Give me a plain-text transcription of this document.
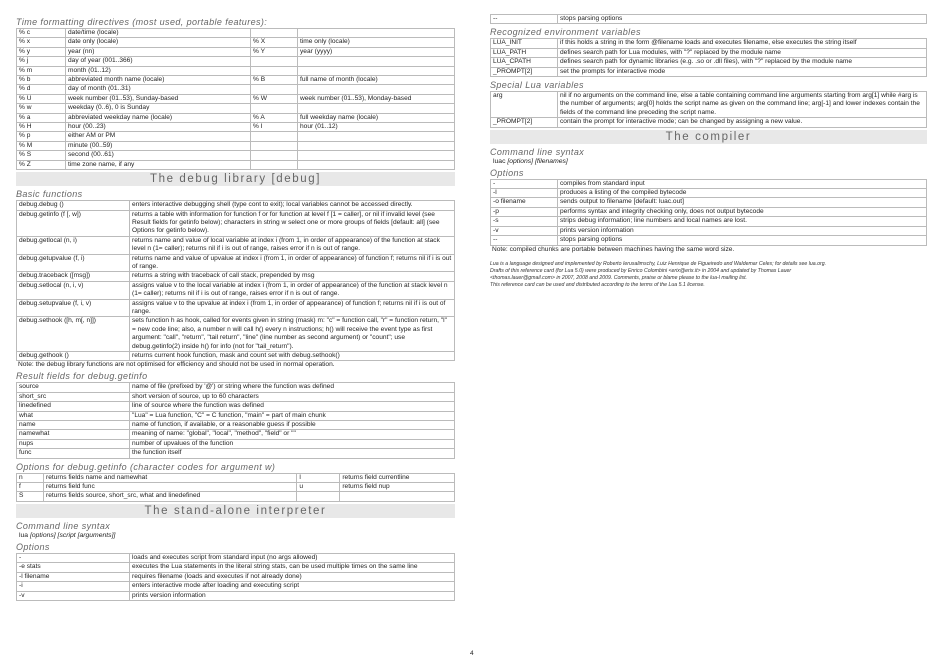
Time formatting directives (most used, portable features):
% c	date/time (locale)		
% x	date only (locale)	% X	time only (locale)
% y	year (nn)	% Y	year (yyyy)
% j	day of year (001..366)		
% m	month (01..12)		
% b	abbreviated month name (locale)	% B	full name of month (locale)
% d	day of month (01..31)		
% U	week number (01..53), Sunday-based	% W	week number (01..53), Monday-based
% w	weekday (0..6), 0 is Sunday		
% a	abbreviated weekday name (locale)	% A	full weekday name (locale)
% H	hour (00..23)	% I	hour (01..12)
% p	either AM or PM		
% M	minute (00..59)		
% S	second (00..61)		
% Z	time zone name, if any		
The debug library [debug]
Basic functions
debug.debug ()	enters interactive debugging shell (type cont to exit); local variables cannot be accessed directly.
debug.getinfo (f [, w])	returns a table with information for function f or for function at level f [1 = caller], or nil if invalid level (see Result fields for getinfo below); characters in string w select one or more groups of fields [default: all] (see Options for getinfo below).
debug.getlocal (n, i)	returns name and value of local variable at index i (from 1, in order of appearance) of the function at stack level n (1= caller); returns nil if i is out of range, raises error if n is out of range.
debug.getupvalue (f, i)	returns name and value of upvalue at index i (from 1, in order of appearance) of function f; returns nil if i is out of range.
debug.traceback ([msg])	returns a string with traceback of call stack, prepended by msg
debug.setlocal (n, i, v)	assigns value v to the local variable at index i (from 1, in order of appearance) of the function at stack level n (1= caller); returns nil if i is out of range, raises error if n is out of range.
debug.setupvalue (f, i, v)	assigns value v to the upvalue at index i (from 1, in order of appearance) of function f; returns nil if i is out of range.
debug.sethook ([h, m[, n]])	sets function h as hook, called for events given in string (mask) m: "c" = function call, "r" = function return, "l" = new code line; also, a number n will call h() every n instructions; h() will receive the event type as first argument: "call", "return", "tail return", "line" (line number as second argument) or "count"; use debug.getinfo(2) inside h() for info (not for "tail_return").
debug.gethook ()	returns current hook function, mask and count set with debug.sethook()
Note: the debug library functions are not optimised for efficiency and should not be used in normal operation.
Result fields for debug.getinfo
source	name of file (prefixed by '@') or string where the function was defined
short_src	short version of source, up to 60 characters
linedefined	line of source where the function was defined
what	"Lua" = Lua function, "C" = C function, "main" = part of main chunk
name	name of function, if available, or a reasonable guess if possible
namewhat	meaning of name: "global", "local", "method", "field" or ""
nups	number of upvalues of the function
func	the function itself
Options for debug.getinfo (character codes for argument w)
n	returns fields name and namewhat	l	returns field currentline
f	returns field func	u	returns field nup
S	returns fields source, short_src, what and linedefined		
The stand-alone interpreter
Command line syntax
lua [options] [script [arguments]]
Options
-	loads and executes script from standard input (no args allowed)
-e stats	executes the Lua statements in the literal string stats, can be used multiple times on the same line
-l filename	requires filename (loads and executes if not already done)
-i	enters interactive mode after loading and executing script
-v	prints version information
--	stops parsing options
Recognized environment variables
LUA_INIT	if this holds a string in the form @filename loads and executes filename, else executes the string itself
LUA_PATH	defines search path for Lua modules, with "?" replaced by the module name
LUA_CPATH	defines search path for dynamic libraries (e.g. .so or .dll files), with "?" replaced by the module name
_PROMPT[2]	set the prompts for interactive mode
Special Lua variables
arg	nil if no arguments on the command line, else a table containing command line arguments starting from arg[1] while #arg is the number of arguments; arg[0] holds the script name as given on the command line; arg[-1] and lower indexes contain the fields of the command line preceding the script name.
_PROMPT[2]	contain the prompt for interactive mode; can be changed by assigning a new value.
The compiler
Command line syntax
luac [options] [filenames]
Options
-	compiles from standard input
-l	produces a listing of the compiled bytecode
-o filename	sends output to filename [default: luac.out]
-p	performs syntax and integrity checking only, does not output bytecode
-s	strips debug information; line numbers and local names are lost.
-v	prints version information
--	stops parsing options
Note: compiled chunks are portable between machines having the same word size.
Lua is a language designed and implemented by Roberto Ierusalimschy, Luiz Henrique de Figueiredo and Waldemar Celes; for details see lua.org.
Drafts of this reference card (for Lua 5.0) were produced by Enrico Colombini <erix@erix.it> in 2004 and updated by Thomas Lauer
<thomas.lauer@gmail.com> in 2007, 2008 and 2009. Comments, praise or blame please to the lua-l mailing list.
This reference card can be used and distributed according to the terms of the Lua 5.1 license.
4
